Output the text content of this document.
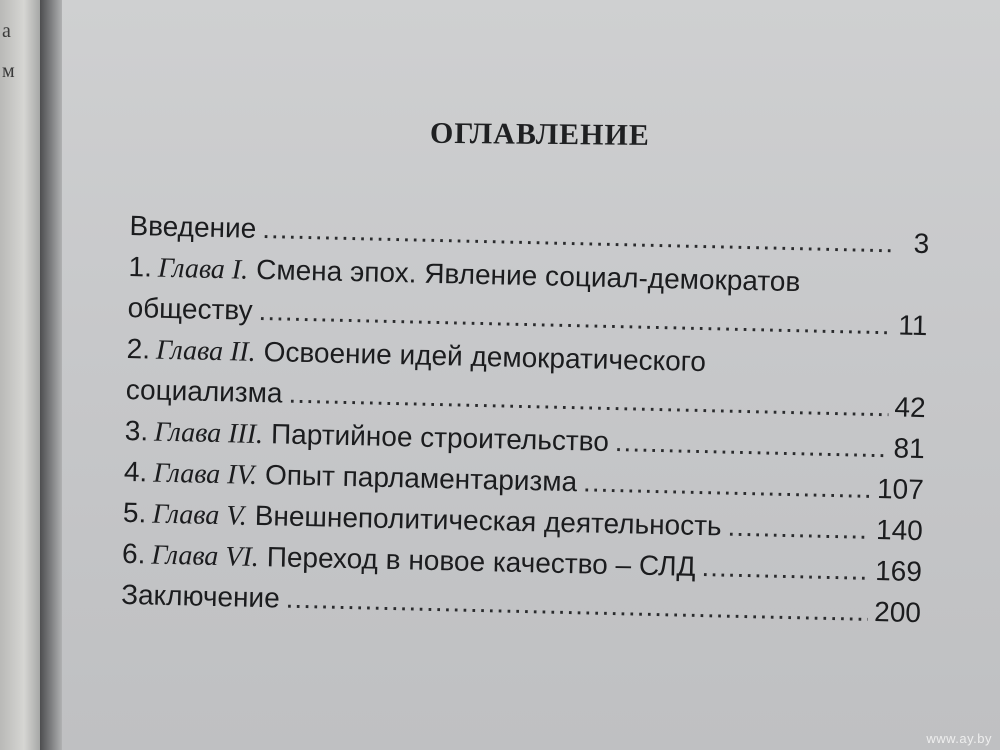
м
а
ОГЛАВЛЕНИЕ
Введение .....	3
1. Глава I. Смена эпох. Явление социал-демократов
обществу .....	11
2. Глава II. Освоение идей демократического
социализма .....	42
3. Глава III. Партийное строительство .....	81
4. Глава IV. Опыт парламентаризма .....	107
5. Глава V. Внешнеполитическая деятельность .....	140
6. Глава VI. Переход в новое качество – СЛД .....	169
Заключение .....	200
www.ay.by
